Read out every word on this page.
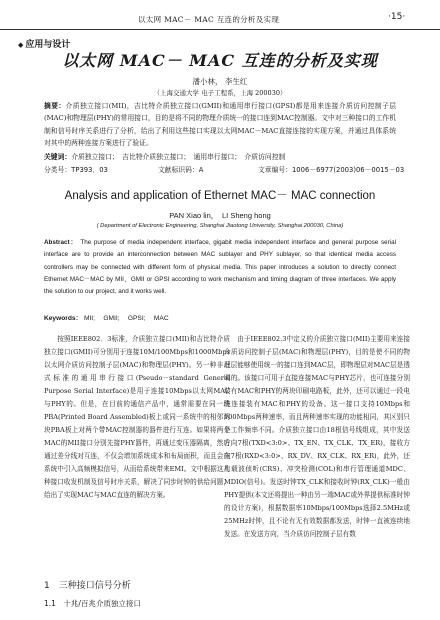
以太网 MAC－ MAC 互连的分析及实现	·15·
◆ 应用与设计
以太网 MAC－ MAC 互连的分析及实现
潘小林， 李生红
（上海交通大学 电子工程系，上海 200030）
摘要：介质独立接口(MII)，吉比特介质独立接口(GMII)和通用串行接口(GPSI)都是用来连接介质访问控制子层(MAC)和物理层(PHY)的常用接口，目的是将不同的物理介质统一的接口连到MAC控制器。文中对三种接口的工作机制和信号时序关系进行了分析，给出了利用这些接口实现以太网MAC－MAC直接连接的实现方案，并通过具体系统对其中的两种连接方案进行了验证。
关键词：介质独立接口；　吉比特介质独立接口；　通用串行接口；　介质访问控制
分类号：TP393．03	文献标识码：A	文章编号：1006－6977(2003)06－0015－03
Analysis and application of Ethernet MAC－ MAC connection
PAN Xiao lin，　LI Sheng hong
( Department of Electronic Engineering, Shanghai Jiaotong University, Shanghai 200030, China)
Abstract： The purpose of media independent interface, gigabit media independent interface and general purpose serial interface are to provide an interconnection between MAC sublayer and PHY sublayer, so that identical media access controllers may be connected with different form of physical media. This paper introduces a solution to directly connect Ethernet MAC－MAC by MII，GMII or GPSI according to work mechanism and timing diagram of three interfaces. We apply the solution to our project, and it works well.
Keywords： MII;　 GMII;　 GPSI;　 MAC

按照IEEE802．3标准，介质独立接口(MII)和吉比特介质独立接口(GMII)可分别用于连接10M/100Mbps和1000Mbps以太网介质访问控制子层(MAC)和物理层(PHY)。另一种非正式标准的通用串行接口(Pseudo－standard General Purpose Serial Interface)是用于连接10Mbps以太网MAC与PHY的。但是，在目前的通信产品中，通常需要在同一块PBA(Printed Board Assembled)板上或同一系统中的相邻两块PBA板上对两个带MAC控制器的器件进行互连。如果将两个MAC的MII接口分别先接PHY器件，再通过变压器隔离，然后通过差分线对互连，不仅会增加系统成本和布局面积，而且会在系统中引入高频模拟信号，从而给系统带来EMI。文中根据这几种接口收发机制及信号时序关系，解决了同步时钟的供给问题，给出了实现MAC与MAC直连的解决方案。

由于IEEE802.3中定义的介质独立接口(MII)主要用来连接介质访问控制子层(MAC)和物理层(PHY)，目的是使不同的物理层能够使用统一的接口连到MAC层，即物理层对MAC层是透明的。该接口可用于直接连接MAC与PHY芯片，也可连接分别装有MAC和PHY的两块印刷电路板，此外，还可以通过一段电缆连接装有MAC和PHY的设备。这一接口支持10Mbps和100Mbps两种速率，而且两种速率实现的功能相同，其区别只是工作频率不同。介质独立接口由18根信号线组成，其中发送方向7根(TXD<3:0>、TX_EN、TX_CLK、TX_ER)，接收方向7根(RXD<3:0>、RX_DV、RX_CLK、RX_ER)，此外，还有载波侦听(CRS)、冲突检测(COL)和串行管理通道MDC、MDIO(信号)。发送时钟TX_CLK和接收时钟(RX_CLK)一般由PHY提供(本文还将提出一种由另一端MAC或外界提供标准时钟的设计方案)，根据数据率10Mbps/100Mbps选择2.5MHz或25MHz时钟，且不论有无有效数据都发送，时钟一直被连续地发送。在发送方向，当介质访问控制子层有数

1　三种接口信号分析
1.1　十兆/百兆介质独立接口
